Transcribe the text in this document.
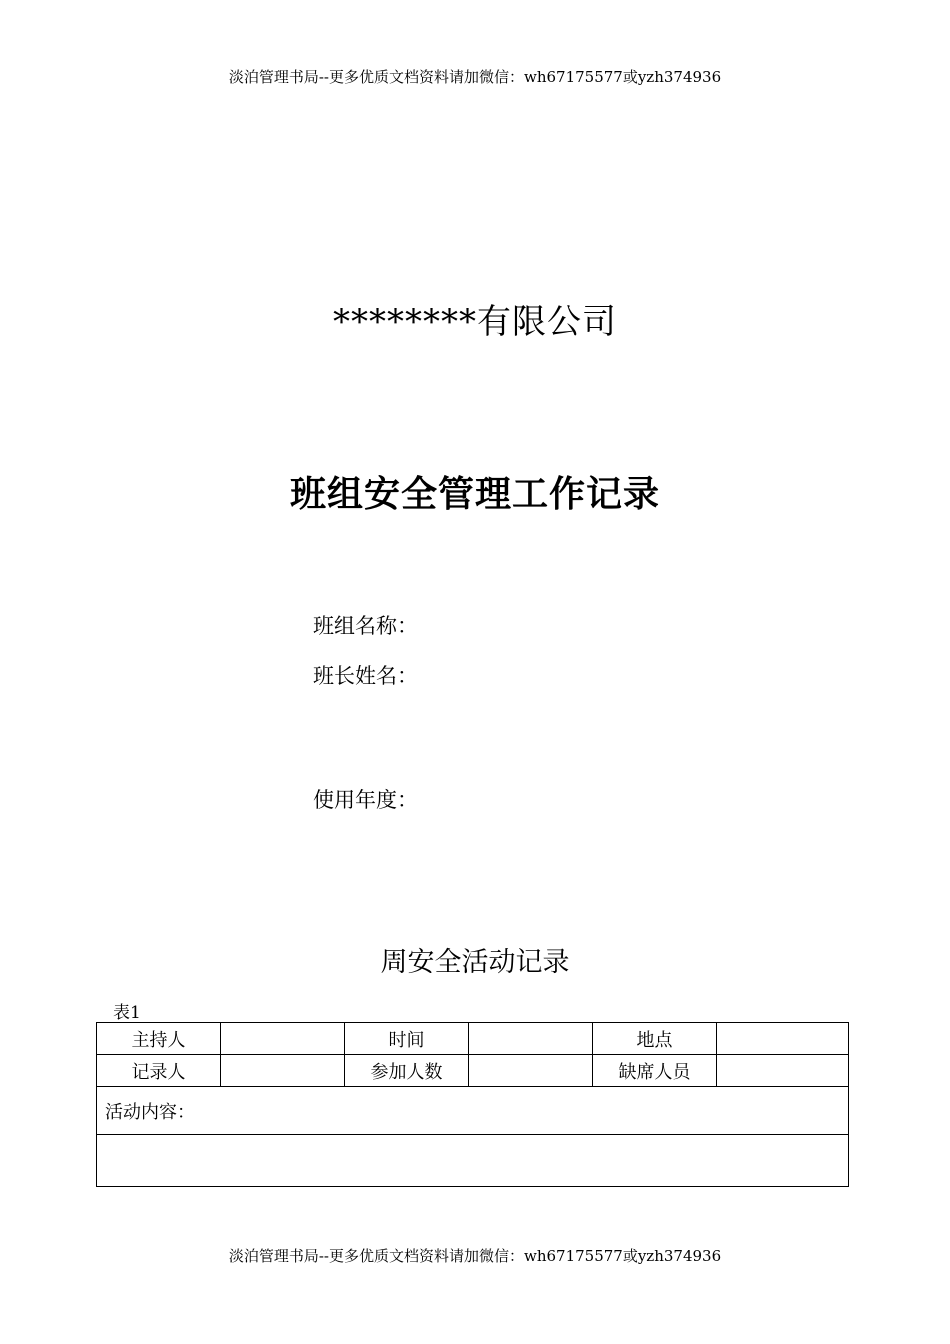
淡泊管理书局--更多优质文档资料请加微信：wh67175577或yzh374936
********有限公司
班组安全管理工作记录
班组名称：
班长姓名：
使用年度：
周安全活动记录
表1
主持人		时间		地点	
记录人		参加人数		缺席人员	
活动内容：					

淡泊管理书局--更多优质文档资料请加微信：wh67175577或yzh374936
